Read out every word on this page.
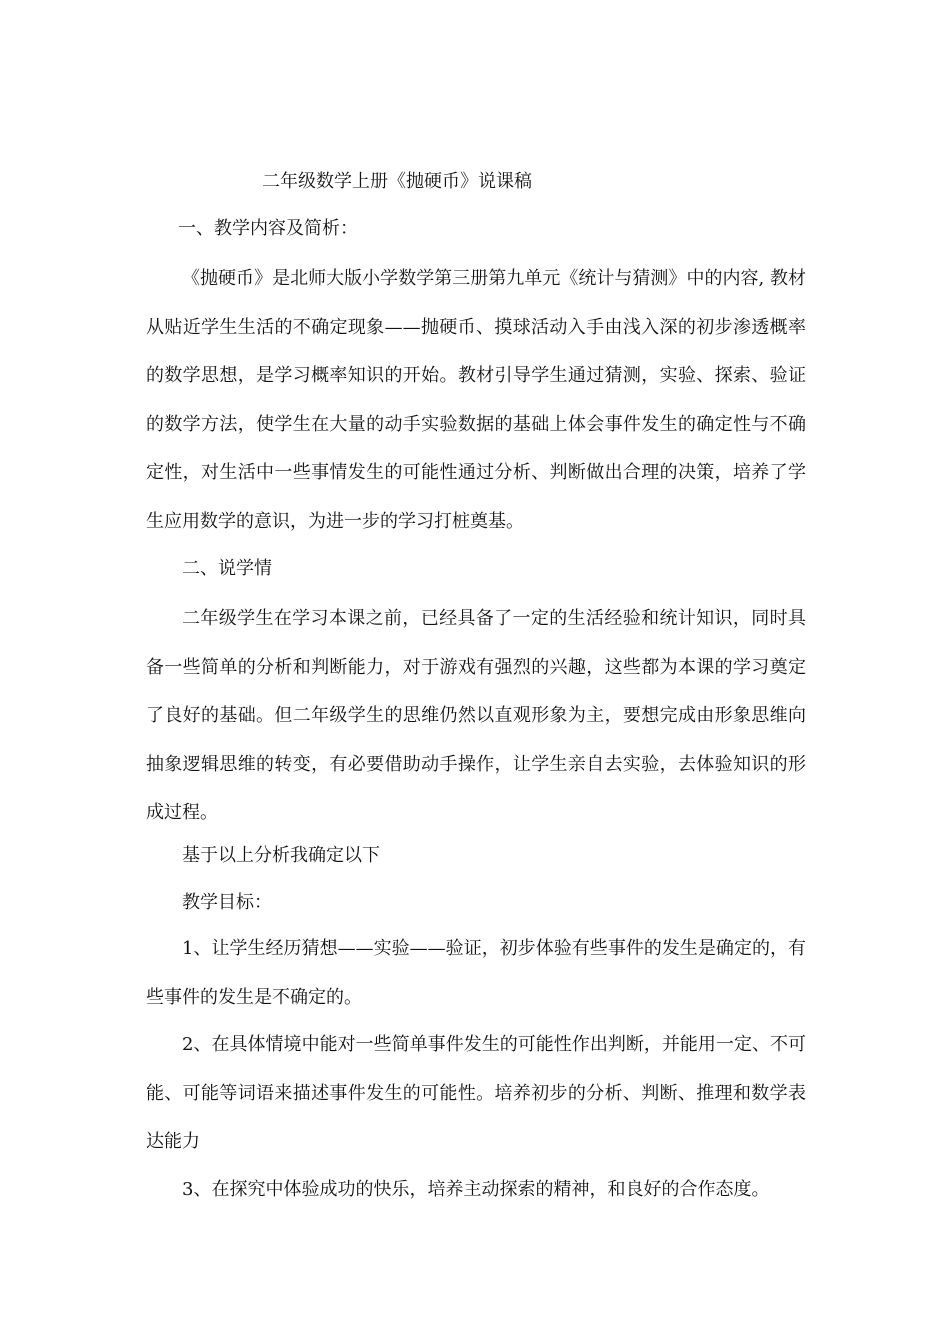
二年级数学上册《抛硬币》说课稿
一、教学内容及简析：
《抛硬币》是北师大版小学数学第三册第九单元《统计与猜测》中的内容, 教材从贴近学生生活的不确定现象——抛硬币、摸球活动入手由浅入深的初步渗透概率的数学思想，是学习概率知识的开始。教材引导学生通过猜测，实验、探索、验证的数学方法，使学生在大量的动手实验数据的基础上体会事件发生的确定性与不确定性，对生活中一些事情发生的可能性通过分析、判断做出合理的决策，培养了学生应用数学的意识，为进一步的学习打桩奠基。
二、说学情
二年级学生在学习本课之前，已经具备了一定的生活经验和统计知识，同时具备一些简单的分析和判断能力，对于游戏有强烈的兴趣，这些都为本课的学习奠定了良好的基础。但二年级学生的思维仍然以直观形象为主，要想完成由形象思维向抽象逻辑思维的转变，有必要借助动手操作，让学生亲自去实验，去体验知识的形成过程。
基于以上分析我确定以下
教学目标：
1、让学生经历猜想——实验——验证，初步体验有些事件的发生是确定的，有些事件的发生是不确定的。
2、在具体情境中能对一些简单事件发生的可能性作出判断，并能用一定、不可能、可能等词语来描述事件发生的可能性。培养初步的分析、判断、推理和数学表达能力
3、在探究中体验成功的快乐，培养主动探索的精神，和良好的合作态度。
